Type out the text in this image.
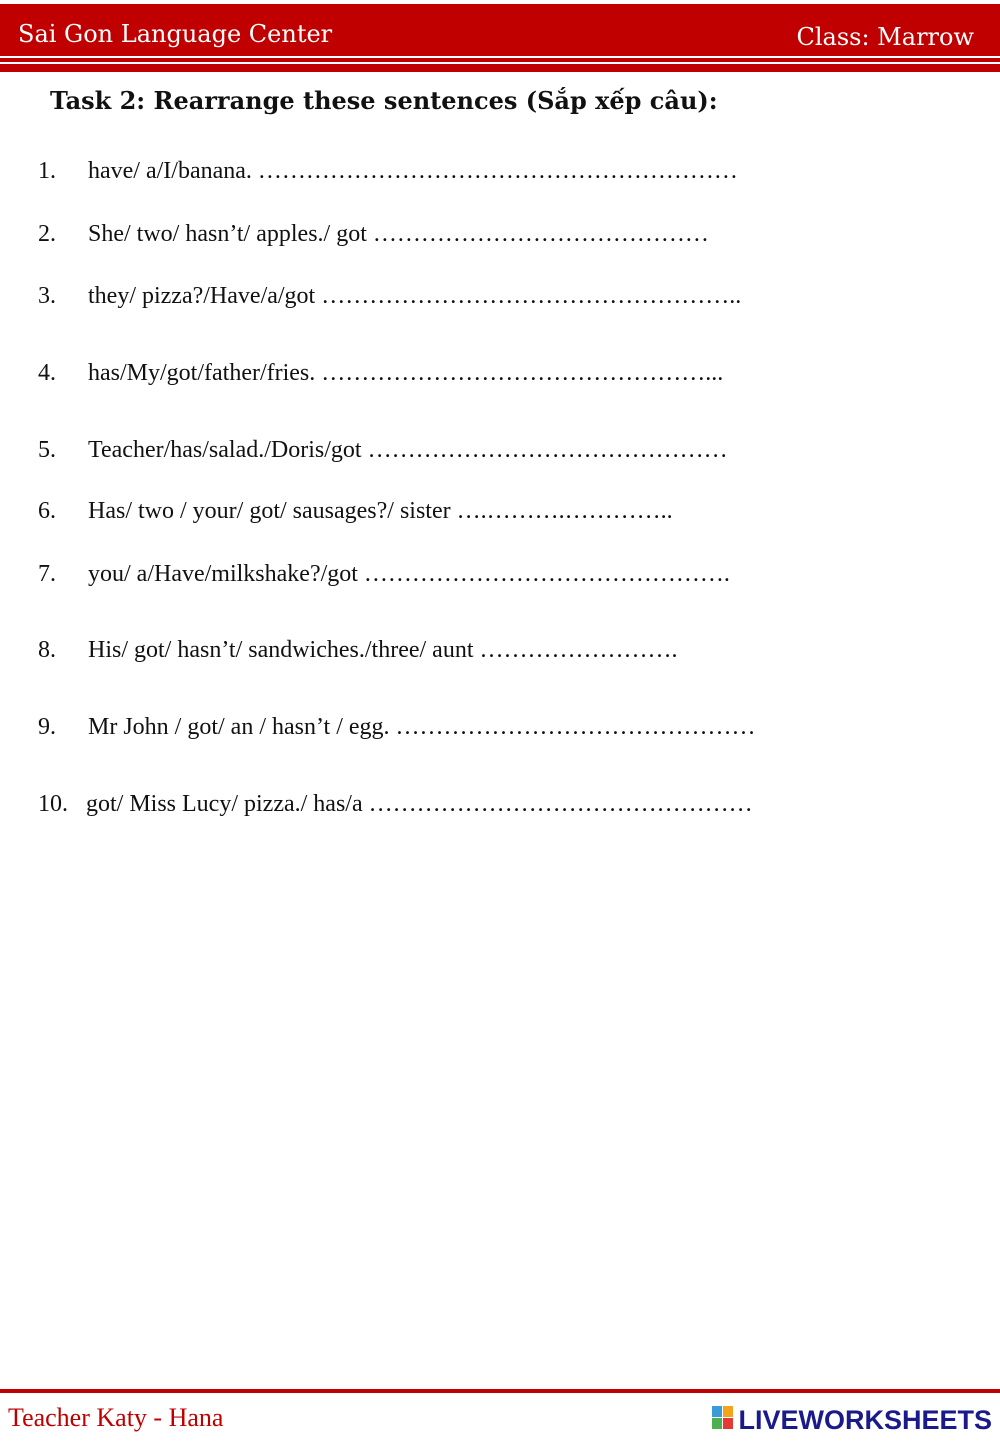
Sai Gon Language Center	Class: Marrow
Task 2: Rearrange these sentences (Sắp xếp câu):
1. have/ a/I/banana. ……………………………………………………
2. She/ two/ hasn’t/ apples./ got ……………………………………
3. they/ pizza?/Have/a/got ……………………………………………..
4. has/My/got/father/fries. …………………………………………...
5. Teacher/has/salad./Doris/got ………………………………………
6.Has/ two / your/ got/ sausages?/ sister ….……….…………..
7. you/ a/Have/milkshake?/got ……………………………………….
8. His/ got/ hasn’t/ sandwiches./three/ aunt …………………….
9. Mr John / got/ an / hasn’t / egg. ………………………………………
10. got/ Miss Lucy/ pizza./ has/a …………………………………………
Teacher Katy - Hana	LIVEWORKSHEETS
